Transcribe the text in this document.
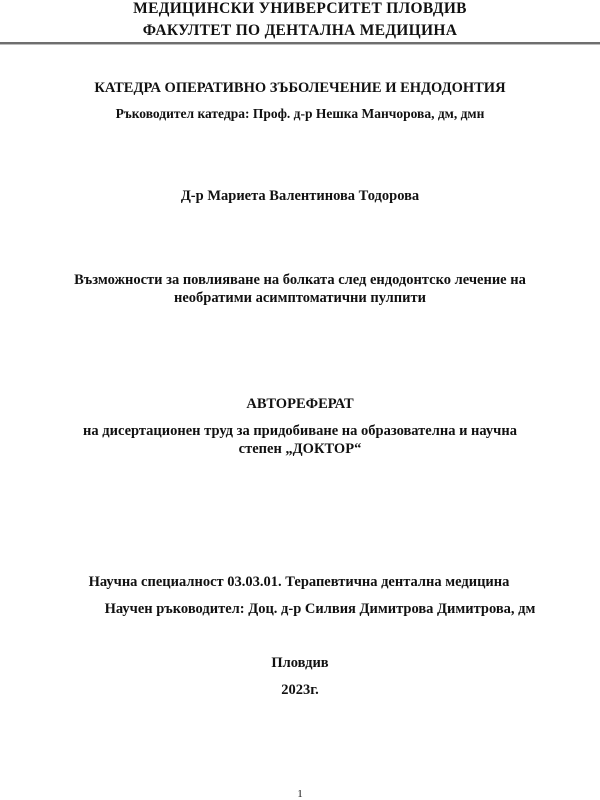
МЕДИЦИНСКИ УНИВЕРСИТЕТ ПЛОВДИВ
ФАКУЛТЕТ ПО ДЕНТАЛНА МЕДИЦИНА
КАТЕДРА ОПЕРАТИВНО ЗЪБОЛЕЧЕНИЕ И ЕНДОДОНТИЯ
Ръководител катедра: Проф. д-р Нешка Манчорова, дм, дмн
Д-р Мариета Валентинова Тодорова
Възможности за повлияване на болката след ендодонтско лечение на
необратими асимптоматични пулпити
АВТОРЕФЕРАТ
на дисертационен труд за придобиване на образователна и научна
степен „ДОКТОР“
Научна специалност 03.03.01. Терапевтична дентална медицина
Научен ръководител: Доц. д-р Силвия Димитрова Димитрова, дм
Пловдив
2023г.
1
